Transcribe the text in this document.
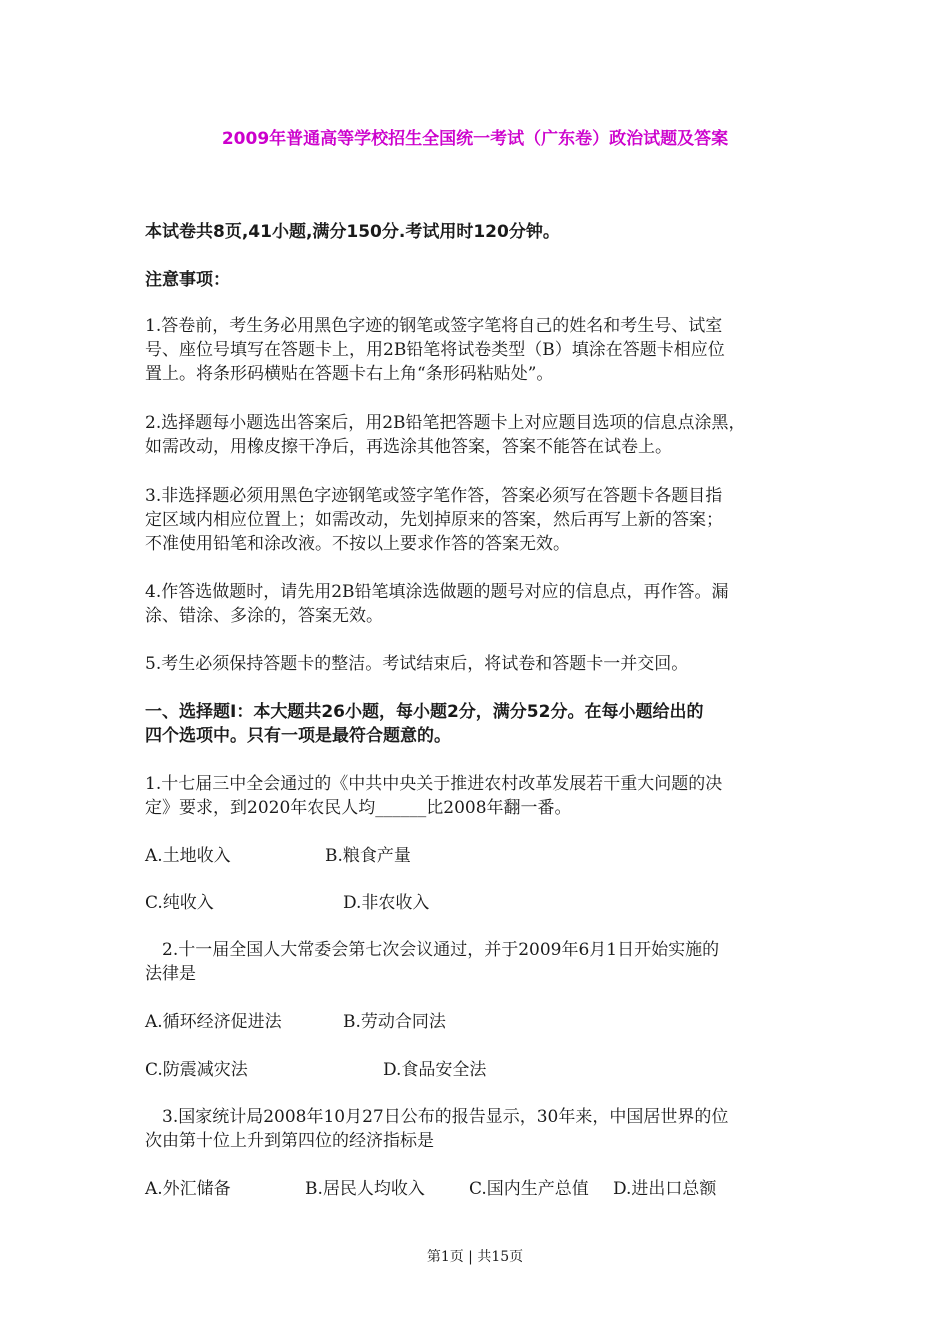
2009年普通高等学校招生全国统一考试（广东卷）政治试题及答案
本试卷共8页,41小题,满分150分.考试用时120分钟。
注意事项：
1.答卷前，考生务必用黑色字迹的钢笔或签字笔将自己的姓名和考生号、试室
号、座位号填写在答题卡上，用2B铅笔将试卷类型（B）填涂在答题卡相应位
置上。将条形码横贴在答题卡右上角“条形码粘贴处”。
2.选择题每小题选出答案后，用2B铅笔把答题卡上对应题目选项的信息点涂黑，
如需改动，用橡皮擦干净后，再选涂其他答案，答案不能答在试卷上。
3.非选择题必须用黑色字迹钢笔或签字笔作答，答案必须写在答题卡各题目指
定区域内相应位置上；如需改动，先划掉原来的答案，然后再写上新的答案；
不准使用铅笔和涂改液。不按以上要求作答的答案无效。
4.作答选做题时，请先用2B铅笔填涂选做题的题号对应的信息点，再作答。漏
涂、错涂、多涂的，答案无效。
5.考生必须保持答题卡的整洁。考试结束后，将试卷和答题卡一并交回。
一、选择题Ⅰ：本大题共26小题，每小题2分，满分52分。在每小题给出的
四个选项中。只有一项是最符合题意的。
1.十七届三中全会通过的《中共中央关于推进农村改革发展若干重大问题的决
定》要求，到2020年农民人均______比2008年翻一番。
A.土地收入	B.粮食产量
C.纯收入	D.非农收入
2.十一届全国人大常委会第七次会议通过，并于2009年6月1日开始实施的
法律是
A.循环经济促进法	B.劳动合同法
C.防震减灾法	D.食品安全法
3.国家统计局2008年10月27日公布的报告显示，30年来，中国居世界的位
次由第十位上升到第四位的经济指标是
A.外汇储备	B.居民人均收入	C.国内生产总值 D.进出口总额
第1页 | 共15页
